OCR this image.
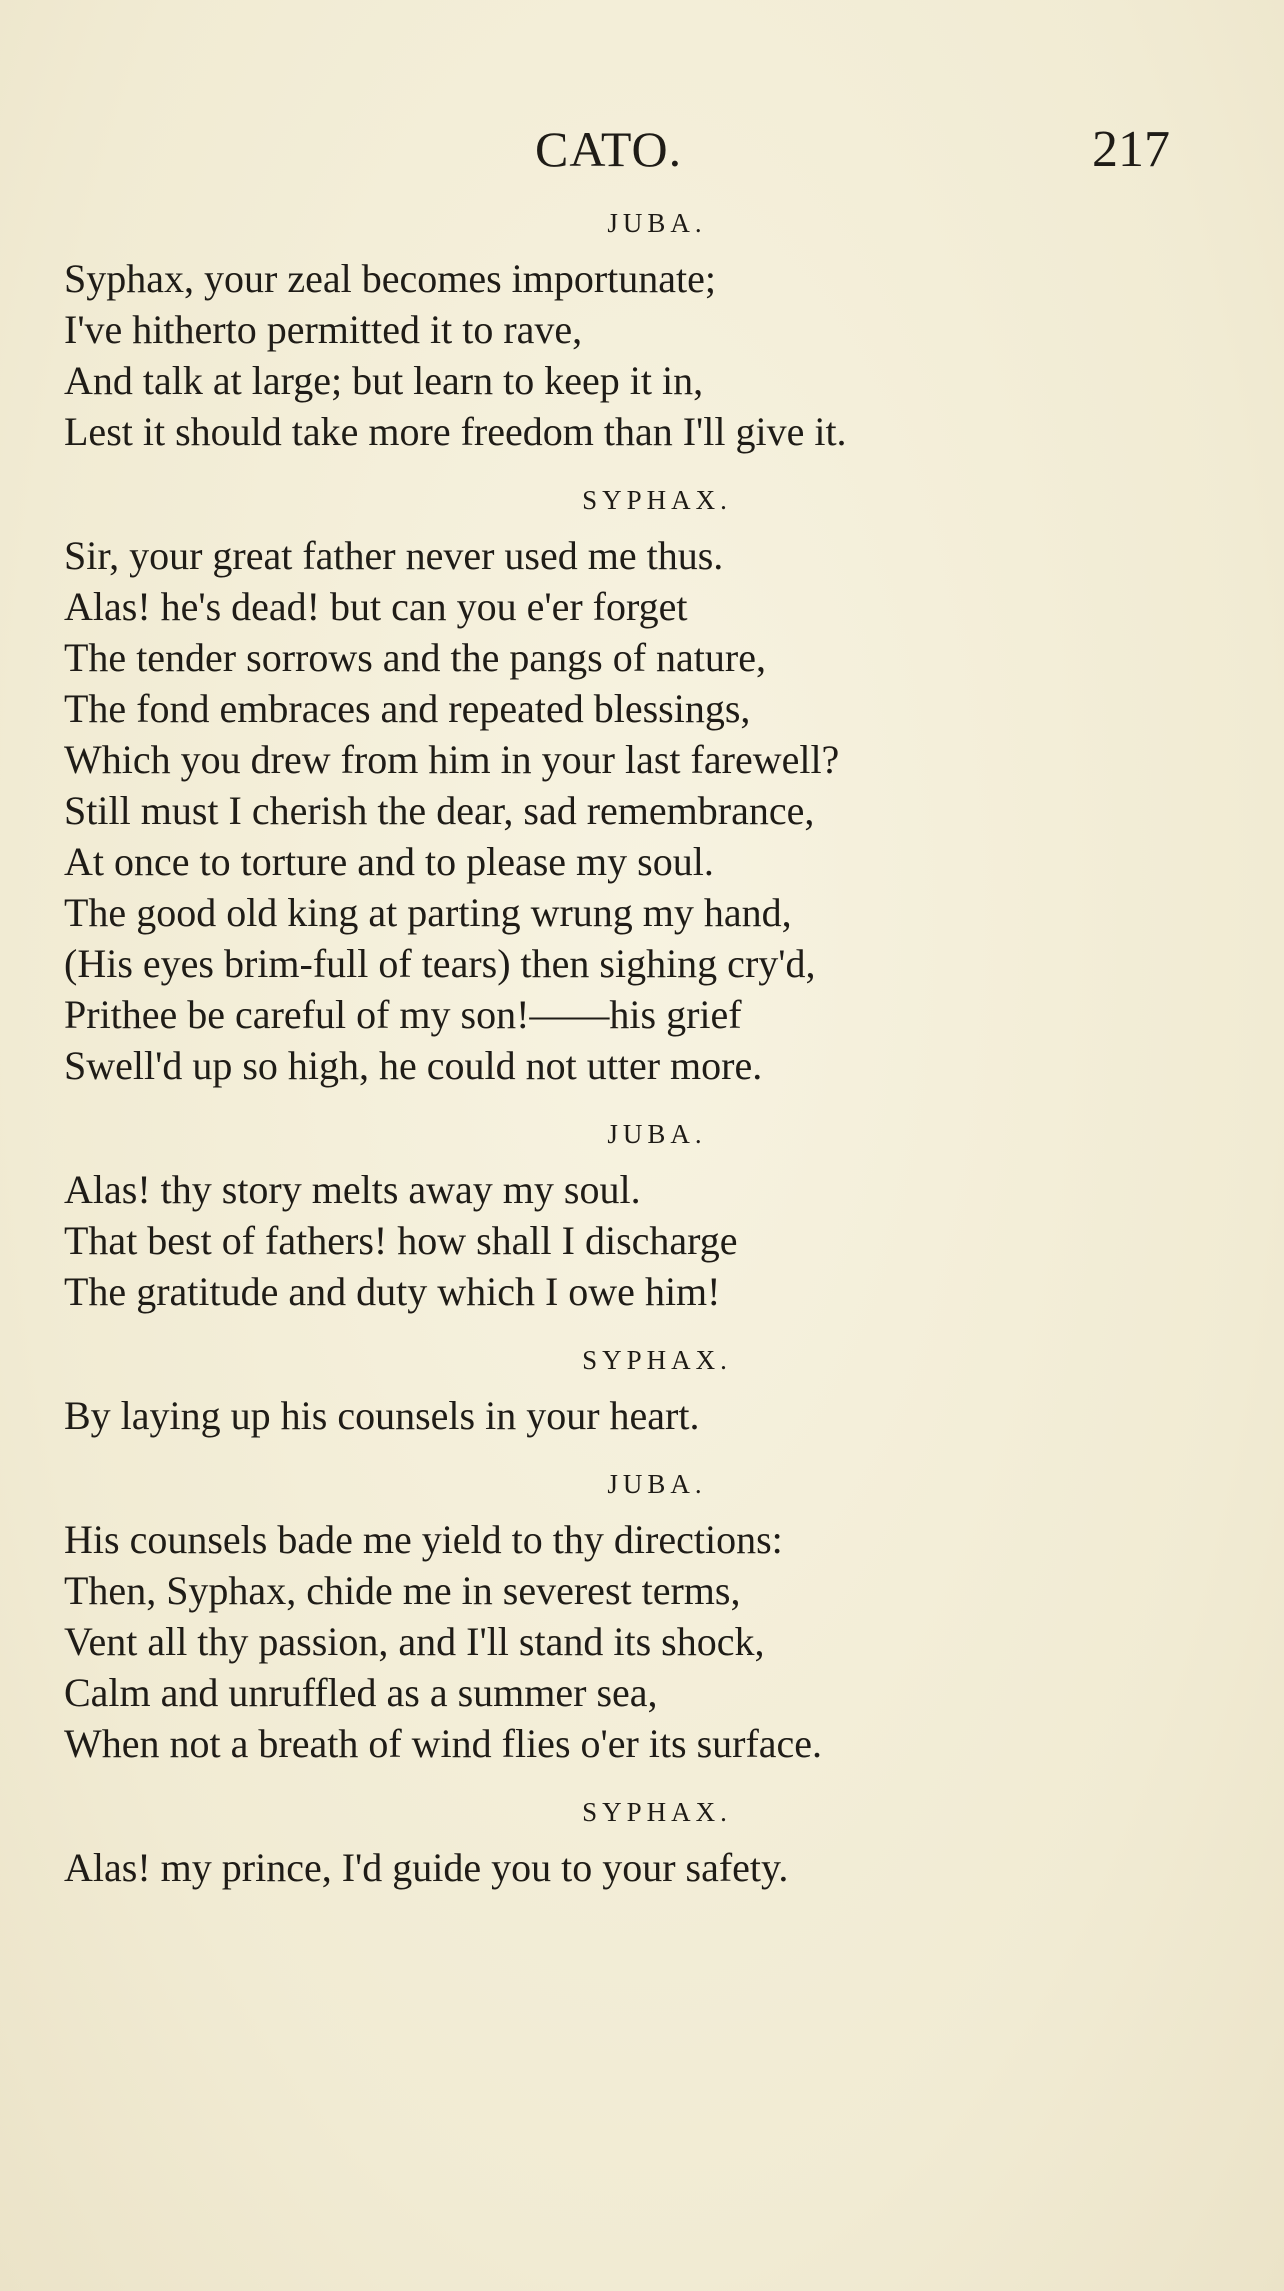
CATO.	217
JUBA.
Syphax, your zeal becomes importunate;
I've hitherto permitted it to rave,
And talk at large; but learn to keep it in,
Lest it should take more freedom than I'll give it.
SYPHAX.
Sir, your great father never used me thus.
Alas! he's dead! but can you e'er forget
The tender sorrows and the pangs of nature,
The fond embraces and repeated blessings,
Which you drew from him in your last farewell?
Still must I cherish the dear, sad remembrance,
At once to torture and to please my soul.
The good old king at parting wrung my hand,
(His eyes brim-full of tears) then sighing cry'd,
Prithee be careful of my son!——his grief
Swell'd up so high, he could not utter more.
JUBA.
Alas! thy story melts away my soul.
That best of fathers! how shall I discharge
The gratitude and duty which I owe him!
SYPHAX.
By laying up his counsels in your heart.
JUBA.
His counsels bade me yield to thy directions:
Then, Syphax, chide me in severest terms,
Vent all thy passion, and I'll stand its shock,
Calm and unruffled as a summer sea,
When not a breath of wind flies o'er its surface.
SYPHAX.
Alas! my prince, I'd guide you to your safety.
